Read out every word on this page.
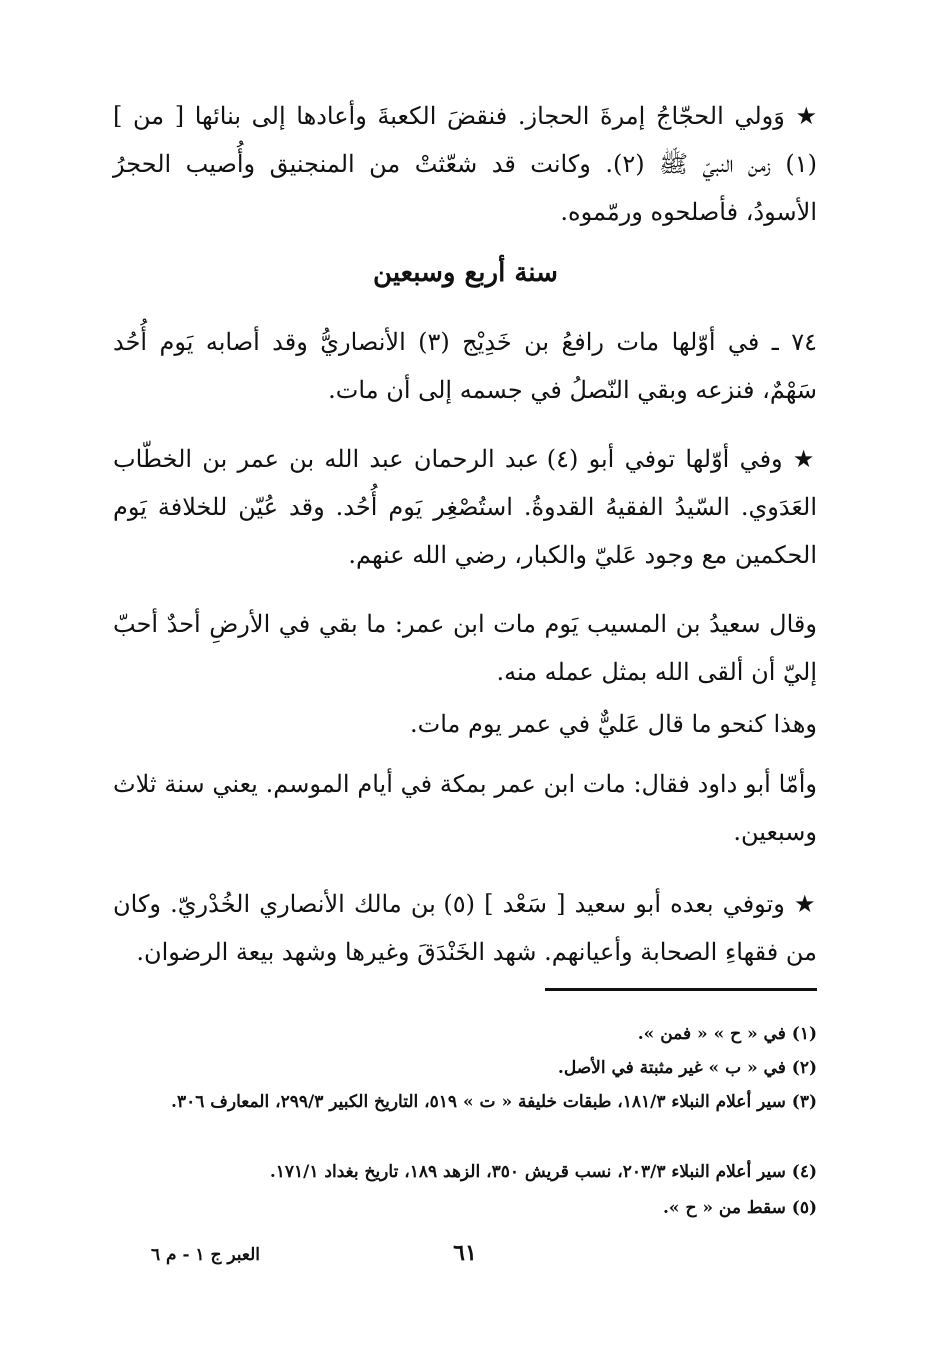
★ وَولي الحجّاجُ إمرةَ الحجاز. فنقضَ الكعبةَ وأعادها إلى بنائها [ من ] (١) زمن النبيّ ﷺ (٢). وكانت قد شعّثتْ من المنجنيق وأُصيب الحجرُ الأسودُ، فأصلحوه ورمّموه.
سنة أربع وسبعين
٧٤ ـ في أوّلها مات رافعُ بن خَدِيْج (٣) الأنصاريُّ وقد أصابه يَوم أُحُد سَهْمٌ، فنزعه وبقي النّصلُ في جسمه إلى أن مات.
★ وفي أوّلها توفي أبو (٤) عبد الرحمان عبد الله بن عمر بن الخطّاب العَدَوي. السّيدُ الفقيهُ القدوةُ. استُصْغِر يَوم أُحُد. وقد عُيّن للخلافة يَوم الحكمين مع وجود عَليّ والكبار، رضي الله عنهم.
وقال سعيدُ بن المسيب يَوم مات ابن عمر: ما بقي في الأرضِ أحدٌ أحبّ إليّ أن ألقى الله بمثل عمله منه.
وهذا كنحو ما قال عَليٌّ في عمر يوم مات.
وأمّا أبو داود فقال: مات ابن عمر بمكة في أيام الموسم. يعني سنة ثلاث وسبعين.
★ وتوفي بعده أبو سعيد [ سَعْد ] (٥) بن مالك الأنصاري الخُدْريّ. وكان من فقهاءِ الصحابة وأعيانهم. شهد الخَنْدَقَ وغيرها وشهد بيعة الرضوان.
(١) في « ح » « فمن ».
(٢) في « ب » غير مثبتة في الأصل.
(٣) سير أعلام النبلاء ١٨١/٣، طبقات خليفة « ت » ٥١٩، التاريخ الكبير ٢٩٩/٣، المعارف ٣٠٦.
(٤) سير أعلام النبلاء ٢٠٣/٣، نسب قريش ٣٥٠، الزهد ١٨٩، تاريخ بغداد ١٧١/١.
(٥) سقط من « ح ».
العبر ج ١ - م ٦	٦١
